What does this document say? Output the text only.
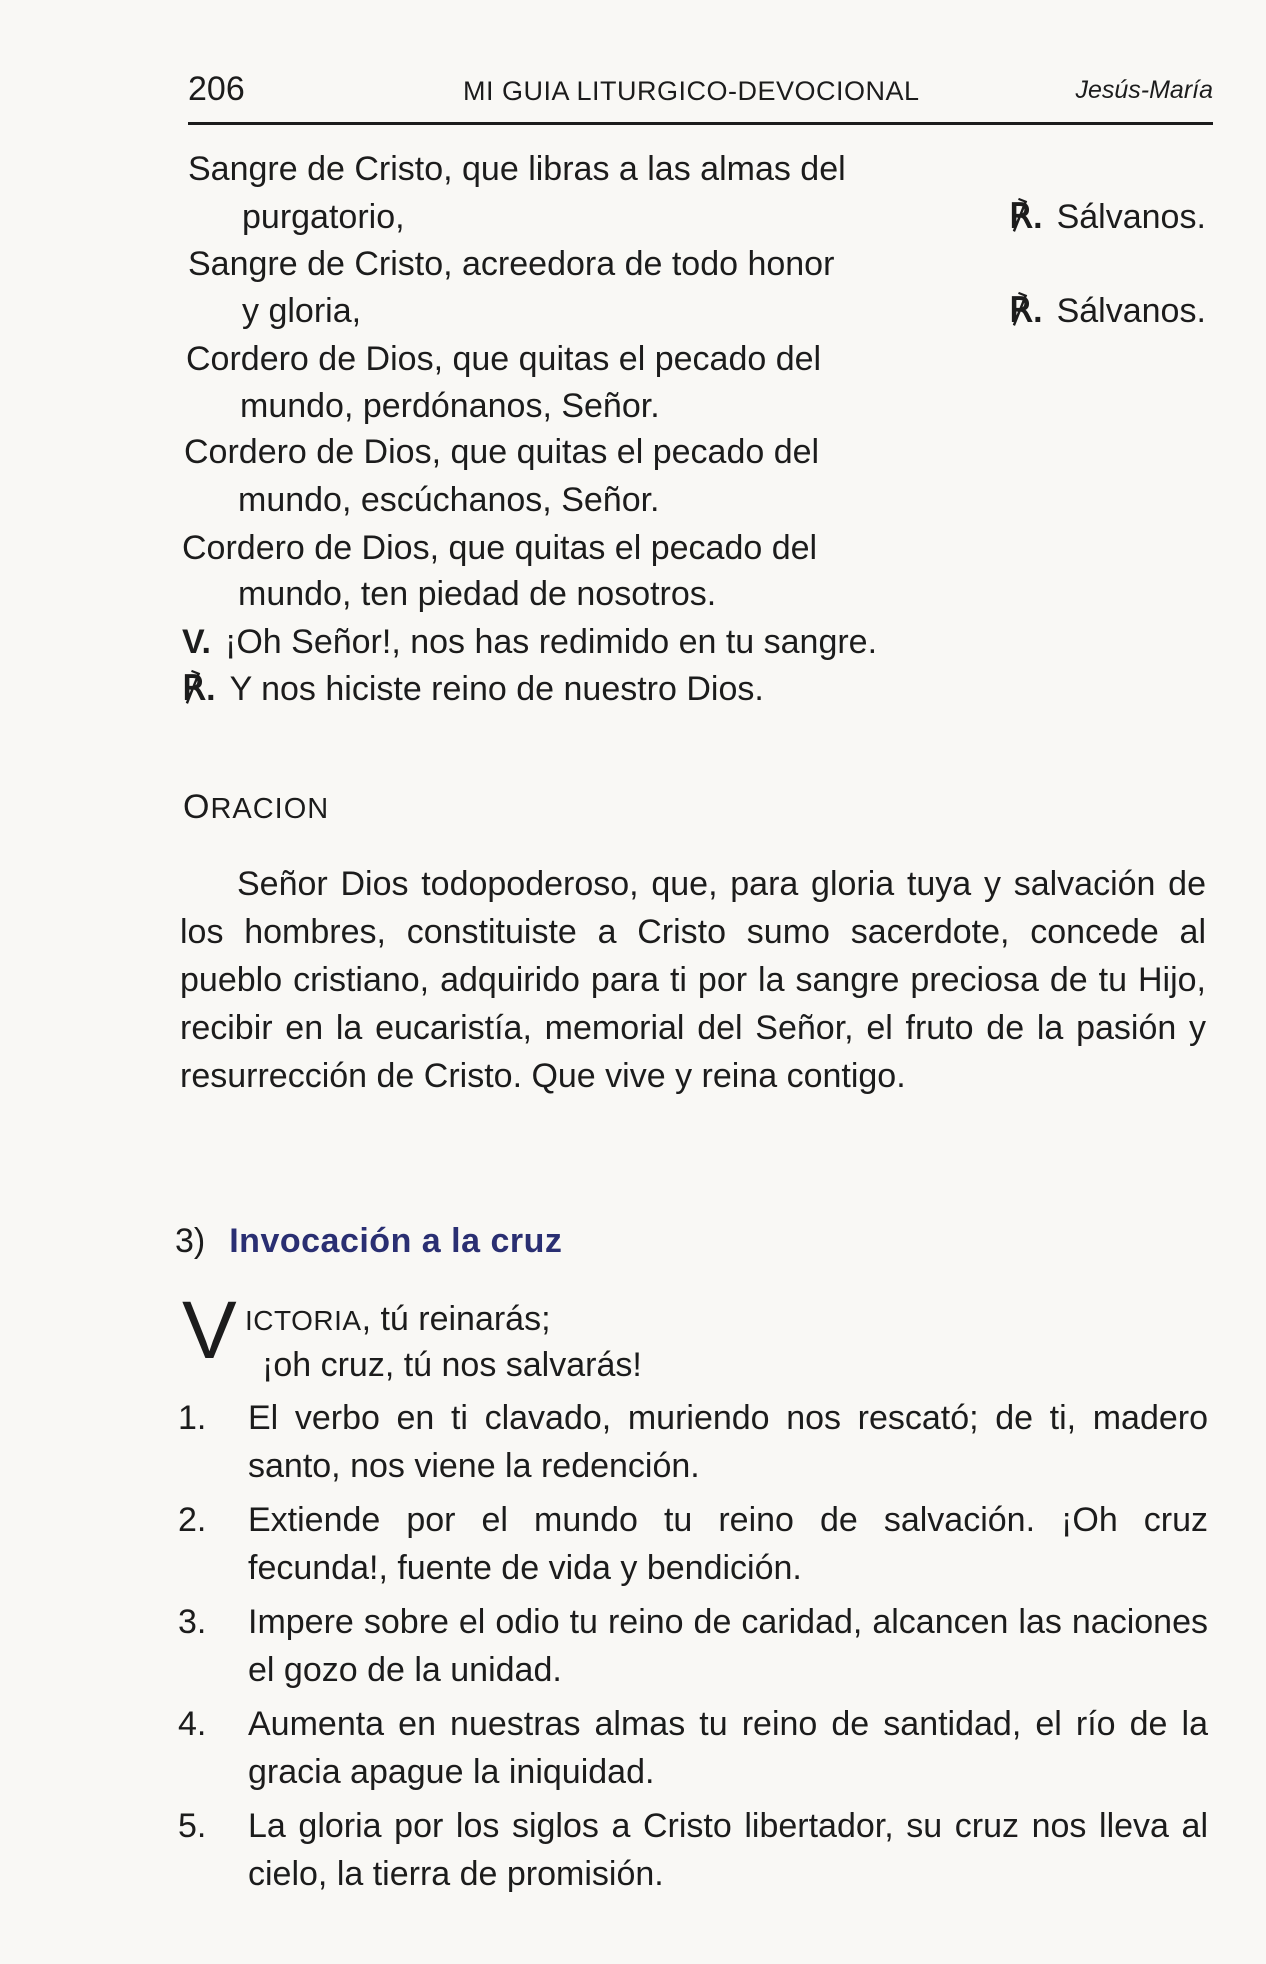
206	MI GUIA LITURGICO-DEVOCIONAL	Jesús-María
Sangre de Cristo, que libras a las almas del
purgatorio,	℟. Sálvanos.
Sangre de Cristo, acreedora de todo honor
y gloria,	℟. Sálvanos.
Cordero de Dios, que quitas el pecado del
mundo, perdónanos, Señor.
Cordero de Dios, que quitas el pecado del
mundo, escúchanos, Señor.
Cordero de Dios, que quitas el pecado del
mundo, ten piedad de nosotros.
V. ¡Oh Señor!, nos has redimido en tu sangre.
℟. Y nos hiciste reino de nuestro Dios.
ORACION
Señor Dios todopoderoso, que, para gloria tuya y salvación de los hombres, constituiste a Cristo sumo sacerdote, concede al pueblo cristiano, adquirido para ti por la sangre preciosa de tu Hijo, recibir en la eucaristía, memorial del Señor, el fruto de la pasión y resurrección de Cristo. Que vive y reina contigo.
3) Invocación a la cruz
V ICTORIA, tú reinarás;
¡oh cruz, tú nos salvarás!
1. El verbo en ti clavado, muriendo nos rescató; de ti, madero santo, nos viene la redención.
2. Extiende por el mundo tu reino de salvación. ¡Oh cruz fecunda!, fuente de vida y bendición.
3. Impere sobre el odio tu reino de caridad, alcancen las naciones el gozo de la unidad.
4. Aumenta en nuestras almas tu reino de santidad, el río de la gracia apague la iniquidad.
5. La gloria por los siglos a Cristo libertador, su cruz nos lleva al cielo, la tierra de promisión.
